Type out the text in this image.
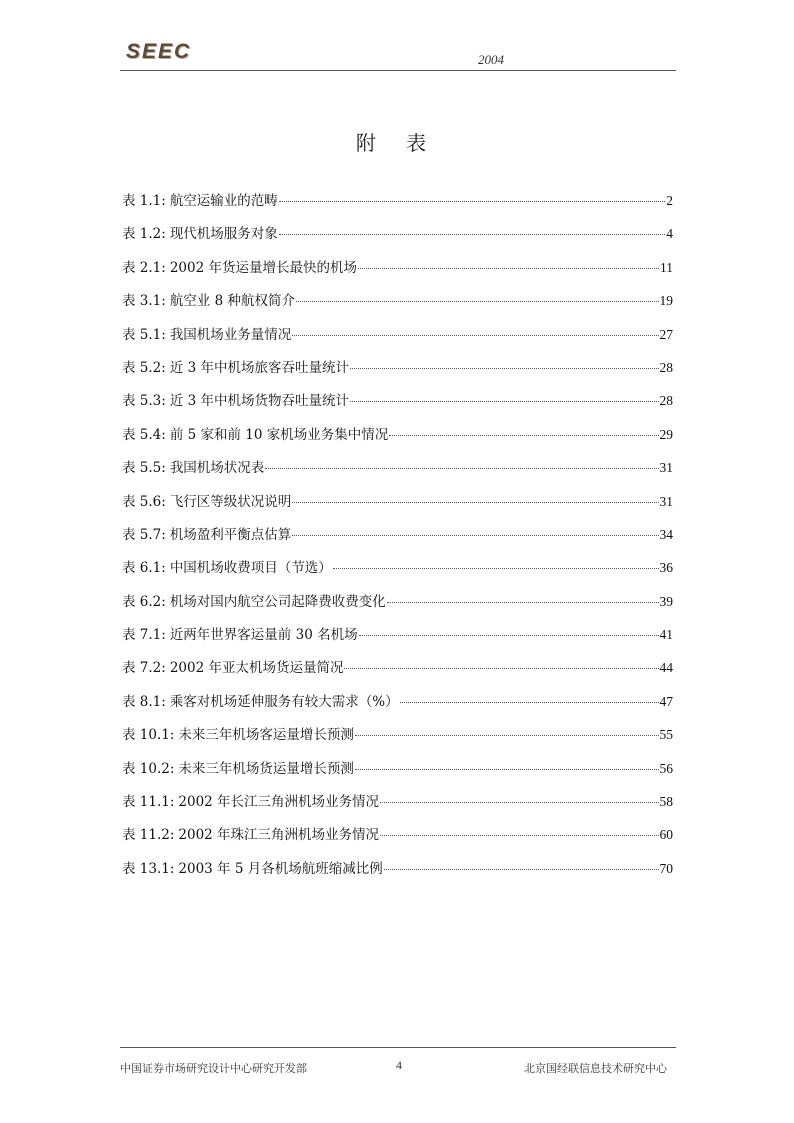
SEEC	2004
附 表
表 1.1: 航空运输业的范畴	2
表 1.2: 现代机场服务对象	4
表 2.1: 2002 年货运量增长最快的机场	11
表 3.1: 航空业 8 种航权简介	19
表 5.1: 我国机场业务量情况	27
表 5.2: 近 3 年中机场旅客吞吐量统计	28
表 5.3: 近 3 年中机场货物吞吐量统计	28
表 5.4: 前 5 家和前 10 家机场业务集中情况	29
表 5.5: 我国机场状况表	31
表 5.6: 飞行区等级状况说明	31
表 5.7: 机场盈利平衡点估算	34
表 6.1: 中国机场收费项目（节选）	36
表 6.2: 机场对国内航空公司起降费收费变化	39
表 7.1: 近两年世界客运量前 30 名机场	41
表 7.2: 2002 年亚太机场货运量简况	44
表 8.1: 乘客对机场延伸服务有较大需求（%）	47
表 10.1: 未来三年机场客运量增长预测	55
表 10.2: 未来三年机场货运量增长预测	56
表 11.1: 2002 年长江三角洲机场业务情况	58
表 11.2: 2002 年珠江三角洲机场业务情况	60
表 13.1: 2003 年 5 月各机场航班缩减比例	70
中国证券市场研究设计中心研究开发部	4	北京国经联信息技术研究中心
